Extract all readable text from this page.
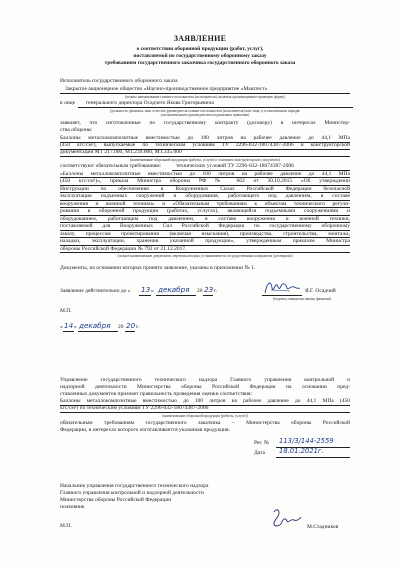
ЗАЯВЛЕНИЕ
о соответствии оборонной продукции (работ, услуг),
поставляемой по государственному оборонному заказу
требованиям государственного заказчика государственного оборонного заказа
Исполнитель государственного оборонного заказа
Закрытое акционерное общество «Научно-производственное предприятие «Маштест»
(полное наименование главного исполнителя (исполнителя), включая организационно-правовую форму)
в лице	генерального директора Осадчего Якова Григорьевича
(должность, фамилия, имя, отчество руководителя главного исполнителя (исполнителя) или лица, в установленном порядке
уполномоченного руководителем подписывать заявление)
заявляет, что изготовленные по государственному контракту (договору) в интересах Министер-
ства обороны
Баллоны металлокомпозитные вместимостью до 100 литров на рабочее давление до 44,1 МПа
(450 кгс/см²), выпускаемые по техническим условиям ТУ 2296-032-18074387-2006 и конструкторской
документации МТ 217.000, МТ.239.000, МТ.335.000
(наименование оборонной продукции (работы, услуги) и основного конструкторского документа)
соответствуют обязательным требованиям:	технических условий ТУ 2296-032-18074387-2006
«Баллоны металлокомпозитные вместимостью до 100 литров на рабочее давление до 44,1 МПа
(450 кгс/см²)», приказа Министра обороны РФ № 662 от 30.10.2015 «Об утверждении
Инструкции по обеспечению в Вооруженных Силах Российской Федерации безопасной
эксплуатации подъемных сооружений и оборудования, работающего под давлением, в составе
вооружения и военной техники» и «Обязательным требованиям к объектам технического регули-
рования в оборонной продукции (работах, услугах), являющейся подъемными сооружениями и
оборудованием, работающим под давлением, в составе вооружения и военной техники,
поставляемой для Вооруженных Сил Российской Федерации по государственному оборонному
заказу, процессам проектирования (включая изыскания), производства, строительства, монтажа,
наладки, эксплуатации, хранения указанной продукции», утвержденным приказом Министра
обороны Российской Федерации № 792 от 21.12.2017.
(полное наименование документов, перечень которых устанавливается государственным контрактом (договором))
Документы, на основании которых принято заявление, указаны в приложении № 1.
Заявление действительно до « 13 » декабря 20 23 г.	Я.Г. Осадчий
(подпись, инициалы имени, фамилия)
М.П.
« 14 » декабря 20 20 г.
Управление государственного технического надзора Главного управления контрольной и
надзорной деятельности Министерства обороны Российской Федерации на основании пред-
ставленных документов признает правильность проведения оценки соответствия:
Баллоны металлокомпозитные вместимостью до 100 литров на рабочее давление до 44,1 МПа (450
кгс/см²) по техническим условиям ТУ 2296-032-18074387-2006
(наименование оборонной продукции (работы, услуги))
обязательным требованиям государственного заказчика – Министерства обороны Российской
Федерации, в интересах которого изготавливается указанная продукция.
Рег. № 113/3/144-2559
Дата 18.01.2021г.
Начальник управления государственного технического надзора
Главного управления контрольной и надзорной деятельности
Министерства обороны Российской Федерации
полковник
М.П.	М.Стадников
